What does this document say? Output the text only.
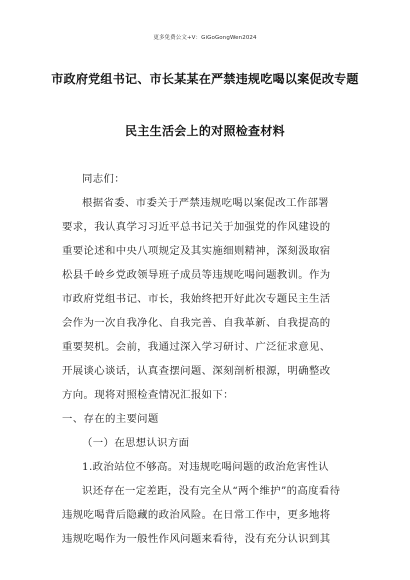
更多免费公文+V：GiGoGongWen2024
市政府党组书记、市长某某在严禁违规吃喝以案促改专题
民主生活会上的对照检查材料
同志们：
根据省委、市委关于严禁违规吃喝以案促改工作部署
要求，我认真学习习近平总书记关于加强党的作风建设的
重要论述和中央八项规定及其实施细则精神，深刻汲取宿
松县千岭乡党政领导班子成员等违规吃喝问题教训。作为
市政府党组书记、市长，我始终把开好此次专题民主生活
会作为一次自我净化、自我完善、自我革新、自我提高的
重要契机。会前，我通过深入学习研讨、广泛征求意见、
开展谈心谈话，认真查摆问题、深刻剖析根源，明确整改
方向。现将对照检查情况汇报如下：
一、存在的主要问题
（一）在思想认识方面
1.政治站位不够高。对违规吃喝问题的政治危害性认
识还存在一定差距，没有完全从“两个维护”的高度看待
违规吃喝背后隐藏的政治风险。在日常工作中，更多地将
违规吃喝作为一般性作风问题来看待，没有充分认识到其
